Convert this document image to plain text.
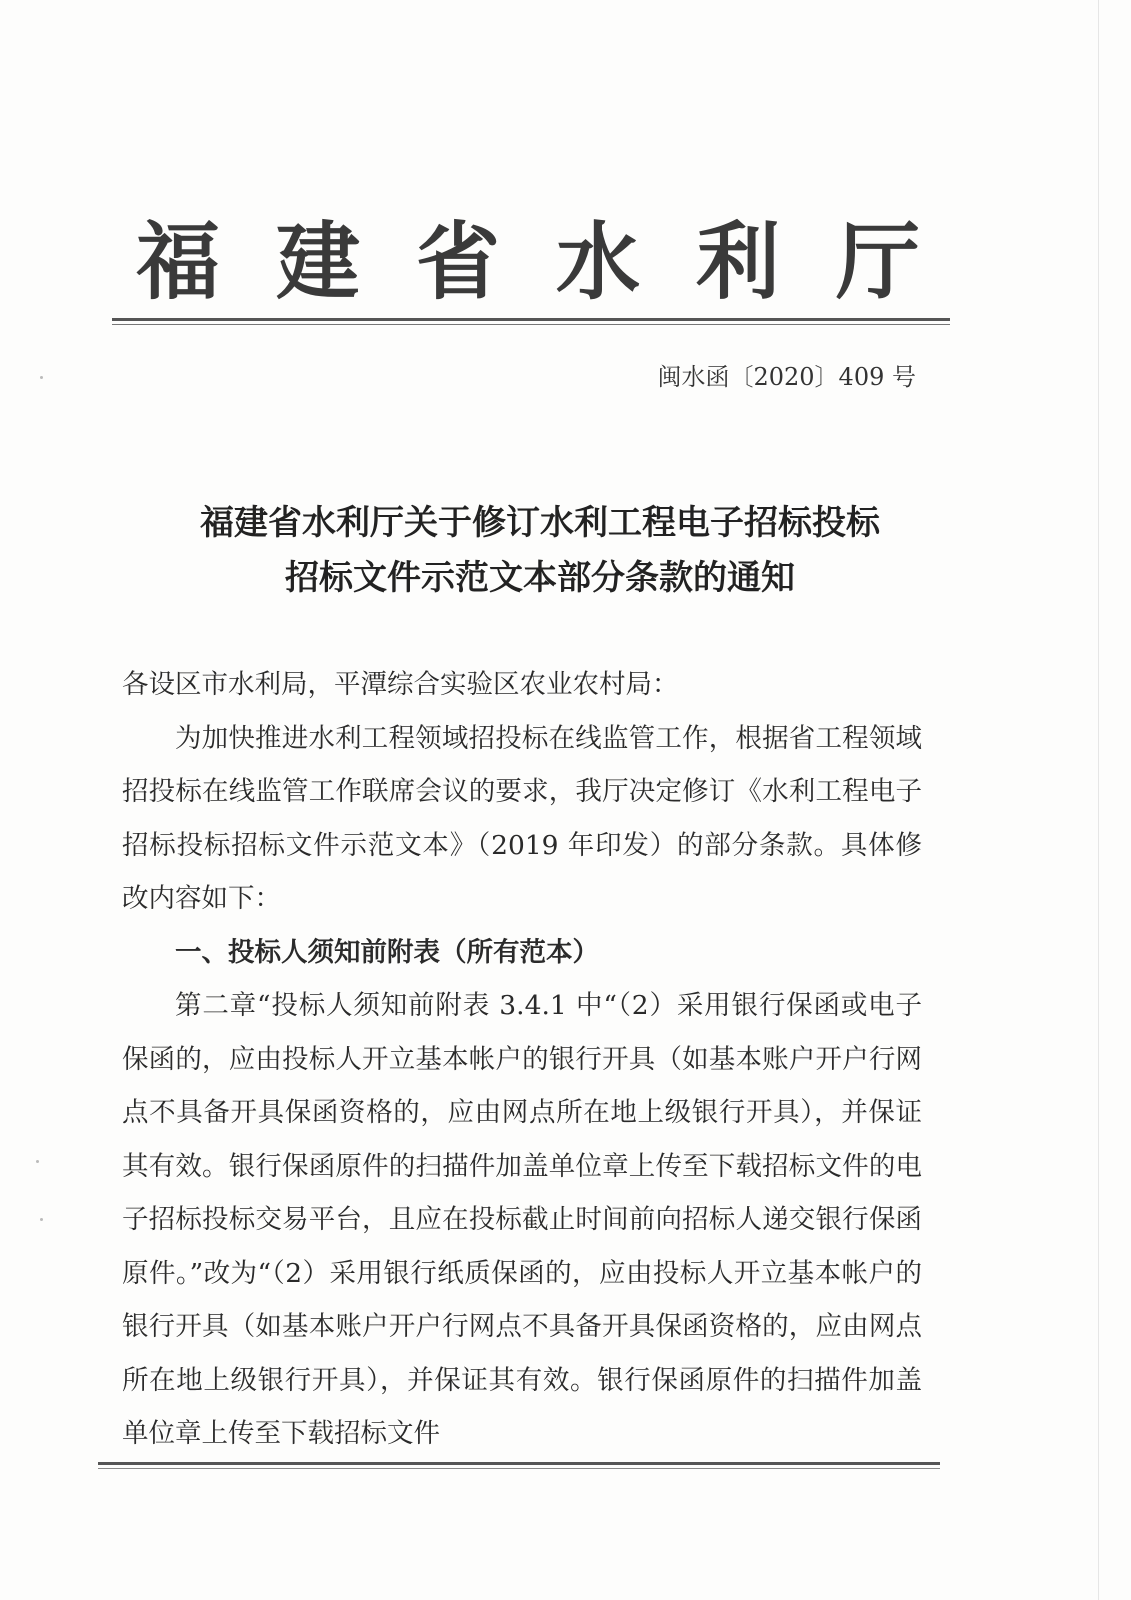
福 建 省 水 利 厅
闽水函〔2020〕409 号
福建省水利厅关于修订水利工程电子招标投标
招标文件示范文本部分条款的通知

各设区市水利局，平潭综合实验区农业农村局：

为加快推进水利工程领域招投标在线监管工作，根据省工程领域招投标在线监管工作联席会议的要求，我厅决定修订《水利工程电子招标投标招标文件示范文本》（2019 年印发）的部分条款。具体修改内容如下：

一、投标人须知前附表（所有范本）

第二章“投标人须知前附表 3.4.1 中“（2）采用银行保函或电子保函的，应由投标人开立基本帐户的银行开具（如基本账户开户行网点不具备开具保函资格的，应由网点所在地上级银行开具），并保证其有效。银行保函原件的扫描件加盖单位章上传至下载招标文件的电子招标投标交易平台，且应在投标截止时间前向招标人递交银行保函原件。”改为“（2）采用银行纸质保函的，应由投标人开立基本帐户的银行开具（如基本账户开户行网点不具备开具保函资格的，应由网点所在地上级银行开具），并保证其有效。银行保函原件的扫描件加盖单位章上传至下载招标文件
